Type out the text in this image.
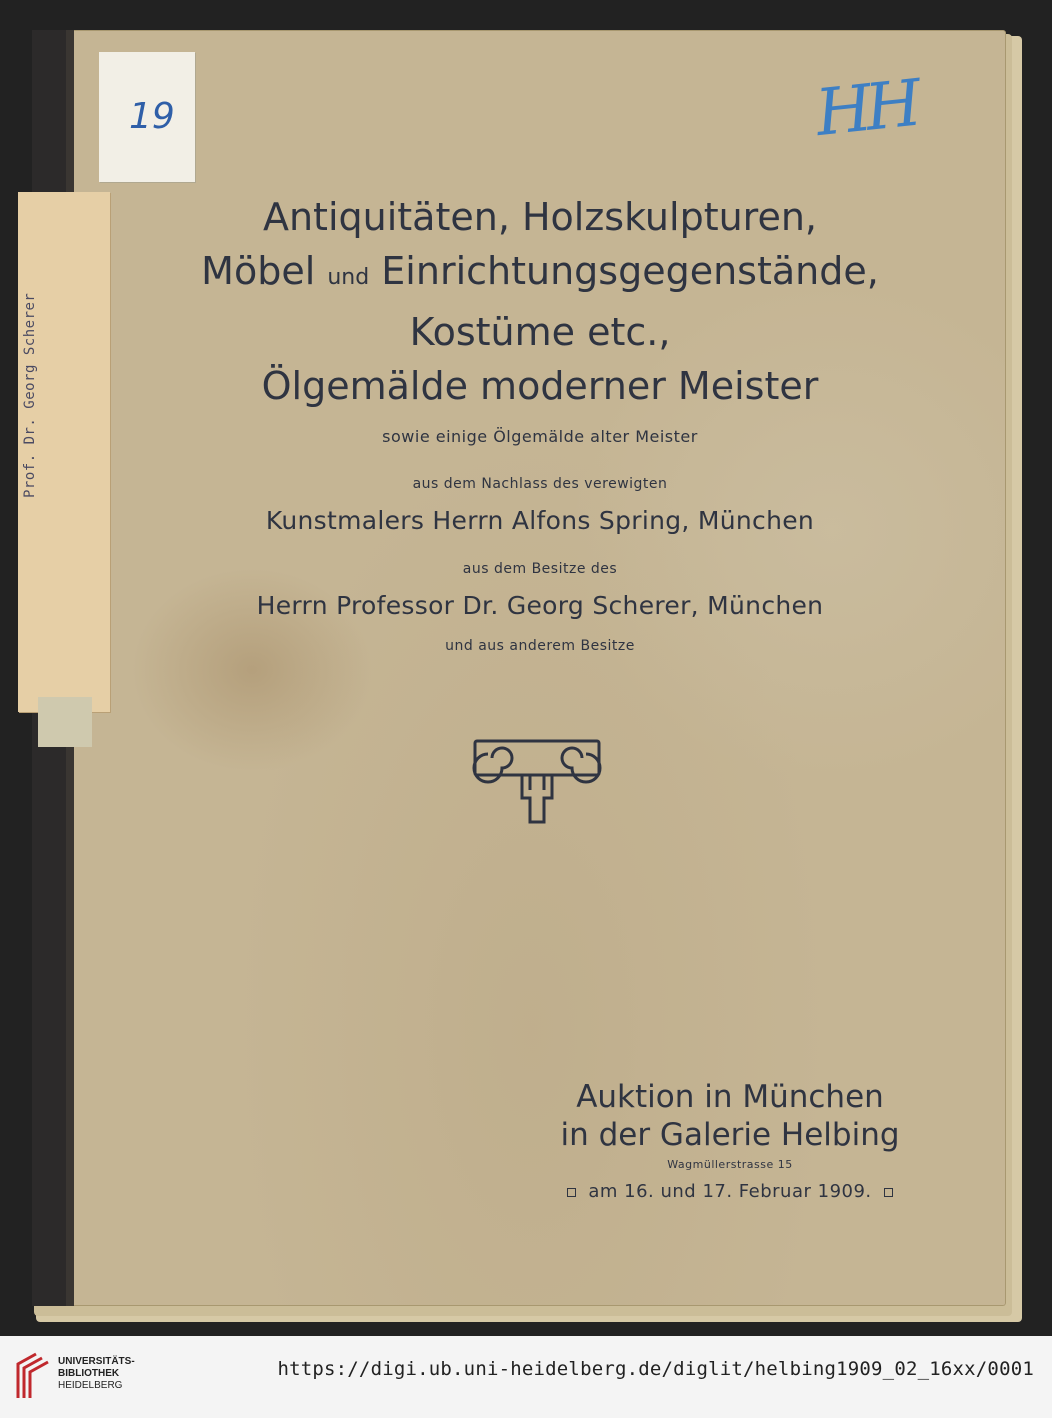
Prof. Dr. Georg Scherer
19	HH
Antiquitäten, Holzskulpturen,
Möbel und Einrichtungsgegenstände,
Kostüme etc.,
Ölgemälde moderner Meister
sowie einige Ölgemälde alter Meister
aus dem Nachlass des verewigten
Kunstmalers Herrn Alfons Spring, München
aus dem Besitze des
Herrn Professor Dr. Georg Scherer, München
und aus anderem Besitze
Auktion in München
in der Galerie Helbing
Wagmüllerstrasse 15
am 16. und 17. Februar 1909.
UNIVERSITÄTS-
BIBLIOTHEK
HEIDELBERG
https://digi.ub.uni-heidelberg.de/diglit/helbing1909_02_16xx/0001
